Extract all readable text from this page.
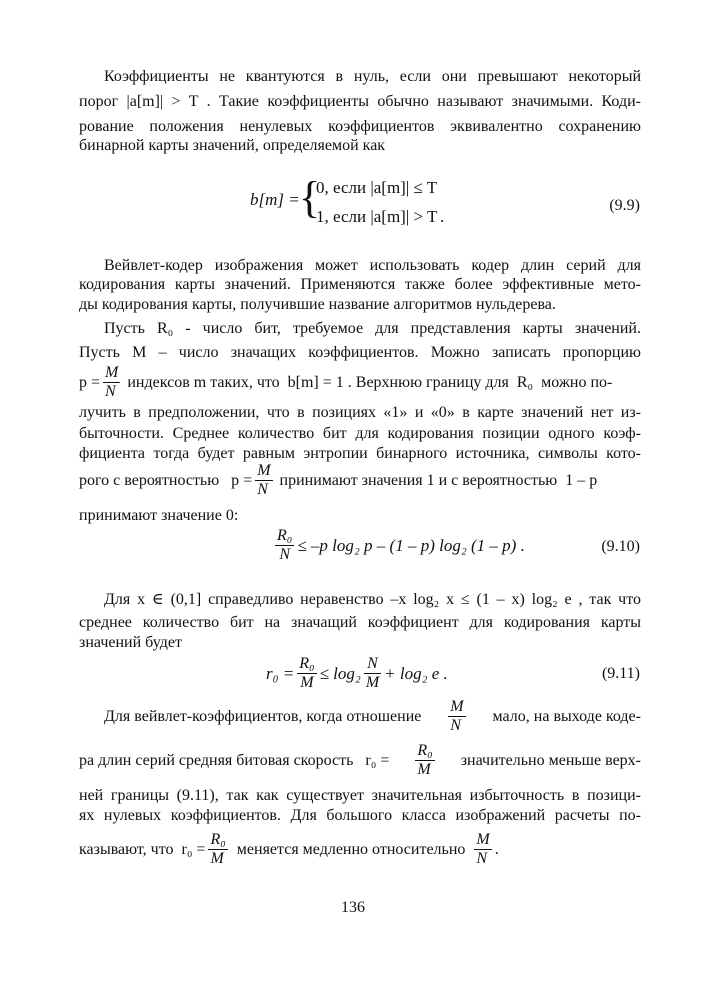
Коэффициенты не квантуются в нуль, если они превышают некоторый
порог |a[m]| > T . Такие коэффициенты обычно называют значимыми. Коди-
рование положения ненулевых коэффициентов эквивалентно сохранению
бинарной карты значений, определяемой как
b[m] = {
0, если |a[m]| ≤ T
1, если |a[m]| > T .
(9.9)
Вейвлет-кодер изображения может использовать кодер длин серий для
кодирования карты значений. Применяются также более эффективные мето-
ды кодирования карты, получившие название алгоритмов нульдерева.
Пусть R₀ - число бит, требуемое для представления карты значений.
Пусть M – число значащих коэффициентов. Можно записать пропорцию
$p = \frac{M}{N}$ индексов m таких, что  b[m] = 1 . Верхнюю границу для  R₀  можно по-
лучить в предположении, что в позициях «1» и «0» в карте значений нет из-
быточности. Среднее количество бит для кодирования позиции одного коэф-
фициента тогда будет равным энтропии бинарного источника, символы кото-
рого с вероятностью   $p = \frac{M}{N}$ принимают значения 1 и с вероятностью  1 – p
принимают значение 0:
$\frac{\text{R₀}}{N} \le -p$ log₂ p – (1 – p) log₂ (1 – p) .	(9.10)
Для x ∈ (0,1] справедливо неравенство –x log₂ x ≤ (1 – x) log₂ e , так что
среднее количество бит на значащий коэффициент для кодирования карты
значений будет
$r_0 = \frac{\text{R₀}}{M} \le \log_2 \frac{N}{M} + \log_2$ e .	(9.11)
Для вейвлет-коэффициентов, когда отношение $\frac{M}{N}$ мало, на выходе коде-
ра длин серий средняя битовая скорость   $r_0 = \frac{\text{R₀}}{M}$ значительно меньше верх-
ней границы (9.11), так как существует значительная избыточность в позици-
ях нулевых коэффициентов. Для большого класса изображений расчеты по-
казывают, что  $r_0 = \frac{\text{R₀}}{M}$ меняется медленно относительно $\frac{M}{N}$ .
136
